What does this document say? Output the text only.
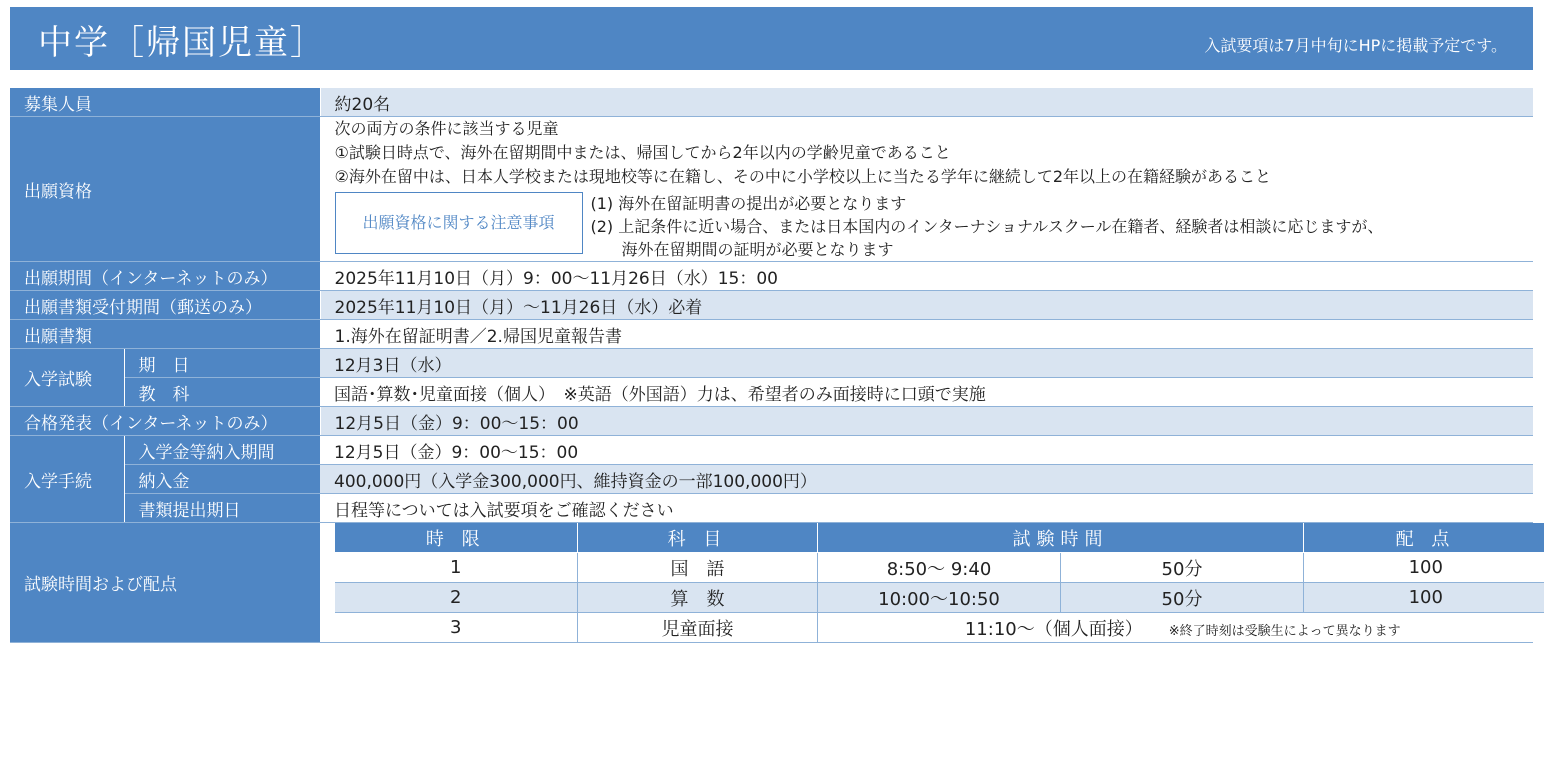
中学［帰国児童］	入試要項は7月中旬にHPに掲載予定です。
募集人員	約20名
出願資格	
次の両方の条件に該当する児童
①試験日時点で、海外在留期間中または、帰国してから2年以内の学齢児童であること
②海外在留中は、日本人学校または現地校等に在籍し、その中に小学校以上に当たる学年に継続して2年以上の在籍経験があること
出願資格に関する注意事項
(1) 海外在留証明書の提出が必要となります
(2) 上記条件に近い場合、または日本国内のインターナショナルスクール在籍者、経験者は相談に応じますが、
海外在留期間の証明が必要となります

出願期間（インターネットのみ）	2025年11月10日（月）9：00～11月26日（水）15：00
出願書類受付期間（郵送のみ）	2025年11月10日（月）～11月26日（水）必着
出願書類	1.海外在留証明書／2.帰国児童報告書
入学試験	期　日	12月3日（水）
教　科	国語･算数･児童面接（個人）　※英語（外国語）力は、希望者のみ面接時に口頭で実施
合格発表（インターネットのみ）	12月5日（金）9：00～15：00
入学手続	入学金等納入期間	12月5日（金）9：00～15：00
納入金	400,000円（入学金300,000円、維持資金の一部100,000円）
書類提出期日	日程等については入試要項をご確認ください
試験時間および配点	
時 限	科 目	試験時間	配 点
1	国　語	8:50～ 9:40	50分	100
2	算　数	10:00～10:50	50分	100
3	児童面接	11:10～（個人面接） ※終了時刻は受験生によって異なります
